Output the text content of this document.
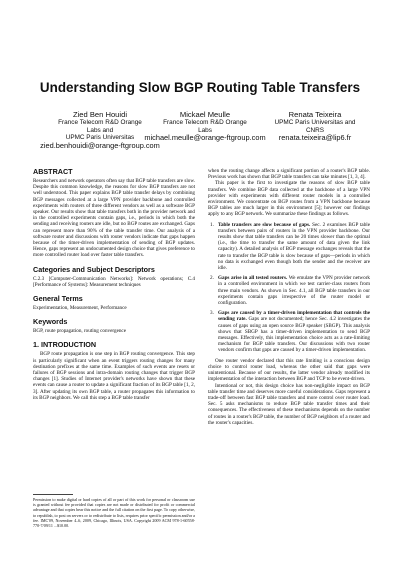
Understanding Slow BGP Routing Table Transfers
Zied Ben Houidi
France Telecom R&D Orange
Labs and
UPMC Paris Universitas
zied.benhouidi@orange-ftgroup.com
Mickael Meulle
France Telecom R&D Orange
Labs
michael.meulle@orange-ftgroup.com
Renata Teixeira
UPMC Paris Universitas and
CNRS
renata.teixeira@lip6.fr
ABSTRACT

Researchers and network operators often say that BGP table transfers are slow. Despite this common knowledge, the reasons for slow BGP transfers are not well understood. This paper explains BGP table transfer delays by combining BGP messages collected at a large VPN provider backbone and controlled experiments with routers of three different vendors as well as a software BGP speaker. Our results show that table transfers both in the provider network and in the controlled experiments contain gaps, i.e., periods in which both the sending and receiving routers are idle, but no BGP routes are exchanged. Gaps can represent more than 90% of the table transfer time. Our analysis of a software router and discussions with router vendors indicate that gaps happen because of the timer-driven implementation of sending of BGP updates. Hence, gaps represent an undocumented design choice that gives preference to more controlled router load over faster table transfers.

Categories and Subject Descriptors

C.2.3 [Computer-Communication Networks]: Network operations; C.4 [Performance of Systems]: Measurement techniques

General Terms

Experimentation, Measurement, Performance

Keywords

BGP, route propagation, routing convergence

1. INTRODUCTION

BGP route propagation is one step in BGP routing convergence. This step is particularly significant when an event triggers routing changes for many destination prefixes at the same time. Examples of such events are resets or failures of BGP sessions and intra-domain routing changes that trigger BGP changes [1]. Studies of Internet provider's networks have shown that these events can cause a router to update a significant fraction of its BGP table [1, 2, 3]. After updating its own BGP table, a router propagates this information to its BGP neighbors. We call this step a BGP table transfer

Permission to make digital or hard copies of all or part of this work for personal or classroom use is granted without fee provided that copies are not made or distributed for profit or commercial advantage and that copies bear this notice and the full citation on the first page. To copy otherwise, to republish, to post on servers or to redistribute to lists, requires prior specific permission and/or a fee. IMC'09, November 4–6, 2009, Chicago, Illinois, USA. Copyright 2009 ACM 978-1-60558-770-7/09/11 ...$10.00.

when the routing change affects a significant portion of a router's BGP table. Previous work has shown that BGP table transfers can take minutes [1, 3, 4].

This paper is the first to investigate the reasons of slow BGP table transfers. We combine BGP data collected at the backbone of a large VPN provider with experiments with different router models in a controlled environment. We concentrate on BGP routes from a VPN backbone because BGP tables are much larger in this environment [5]; however our findings apply to any BGP network. We summarize these findings as follows.

1. Table transfers are slow because of gaps. Sec. 2 examines BGP table transfers between pairs of routers in the VPN provider backbone. Our results show that table transfers can be 20 times slower than the optimal (i.e., the time to transfer the same amount of data given the link capacity). A detailed analysis of BGP message exchanges reveals that the rate to transfer the BGP table is slow because of gaps—periods in which no data is exchanged even though both the sender and the receiver are idle.
2. Gaps arise in all tested routers. We emulate the VPN provider network in a controlled environment in which we test carrier-class routers from three main vendors. As shown in Sec. 4.1, all BGP table transfers in our experiments contain gaps irrespective of the router model or configuration.
3. Gaps are caused by a timer-driven implementation that controls the sending rate. Gaps are not documented; hence Sec. 4.2 investigates the causes of gaps using an open source BGP speaker (SBGP). This analysis shows that SBGP has a timer-driven implementation to send BGP messages. Effectively, this implementation choice acts as a rate-limiting mechanism for BGP table transfers. Our discussions with two router vendors confirm that gaps are caused by a timer-driven implementation.

One router vendor declared that this rate limiting is a conscious design choice to control router load, whereas the other said that gaps were unintentional. Because of our results, the latter vendor already modified its implementation of the interaction between BGP and TCP to be event-driven.

Intentional or not, this design choice has non-negligible impact on BGP table transfer time and deserves more careful considerations. Gaps represent a trade-off between fast BGP table transfers and more control over router load. Sec. 5 asks mechanisms to reduce BGP table transfer times and their consequences. The effectiveness of these mechanisms depends on the number of routes in a router's BGP table, the number of BGP neighbors of a router and the router's capacities.
